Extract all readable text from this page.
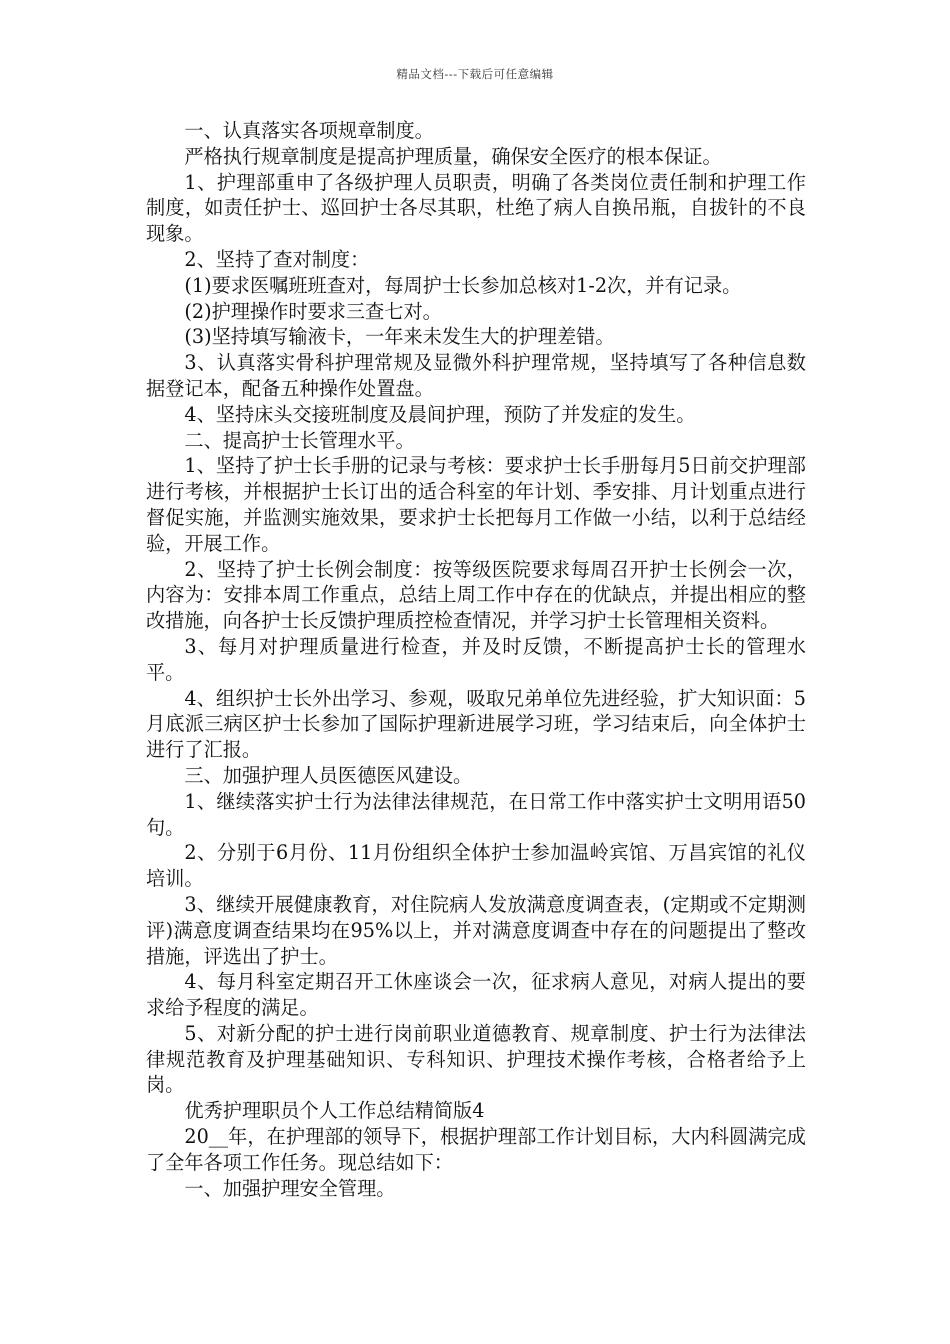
精品文档---下载后可任意编辑

一、认真落实各项规章制度。

严格执行规章制度是提高护理质量，确保安全医疗的根本保证。

1、护理部重申了各级护理人员职责，明确了各类岗位责任制和护理工作制度，如责任护士、巡回护士各尽其职，杜绝了病人自换吊瓶，自拔针的不良现象。

2、坚持了查对制度：

(1)要求医嘱班班查对，每周护士长参加总核对1-2次，并有记录。

(2)护理操作时要求三查七对。

(3)坚持填写输液卡，一年来未发生大的护理差错。

3、认真落实骨科护理常规及显微外科护理常规，坚持填写了各种信息数据登记本，配备五种操作处置盘。

4、坚持床头交接班制度及晨间护理，预防了并发症的发生。

二、提高护士长管理水平。

1、坚持了护士长手册的记录与考核：要求护士长手册每月5日前交护理部进行考核，并根据护士长订出的适合科室的年计划、季安排、月计划重点进行督促实施，并监测实施效果，要求护士长把每月工作做一小结，以利于总结经验，开展工作。

2、坚持了护士长例会制度：按等级医院要求每周召开护士长例会一次，内容为：安排本周工作重点，总结上周工作中存在的优缺点，并提出相应的整改措施，向各护士长反馈护理质控检查情况，并学习护士长管理相关资料。

3、每月对护理质量进行检查，并及时反馈，不断提高护士长的管理水平。

4、组织护士长外出学习、参观，吸取兄弟单位先进经验，扩大知识面：5月底派三病区护士长参加了国际护理新进展学习班，学习结束后，向全体护士进行了汇报。

三、加强护理人员医德医风建设。

1、继续落实护士行为法律法律规范，在日常工作中落实护士文明用语50句。

2、分别于6月份、11月份组织全体护士参加温岭宾馆、万昌宾馆的礼仪培训。

3、继续开展健康教育，对住院病人发放满意度调查表，(定期或不定期测评)满意度调查结果均在95%以上，并对满意度调查中存在的问题提出了整改措施，评选出了护士。

4、每月科室定期召开工休座谈会一次，征求病人意见，对病人提出的要求给予程度的满足。

5、对新分配的护士进行岗前职业道德教育、规章制度、护士行为法律法律规范教育及护理基础知识、专科知识、护理技术操作考核，合格者给予上岗。

优秀护理职员个人工作总结精简版4

20__年，在护理部的领导下，根据护理部工作计划目标，大内科圆满完成了全年各项工作任务。现总结如下：

一、加强护理安全管理。
